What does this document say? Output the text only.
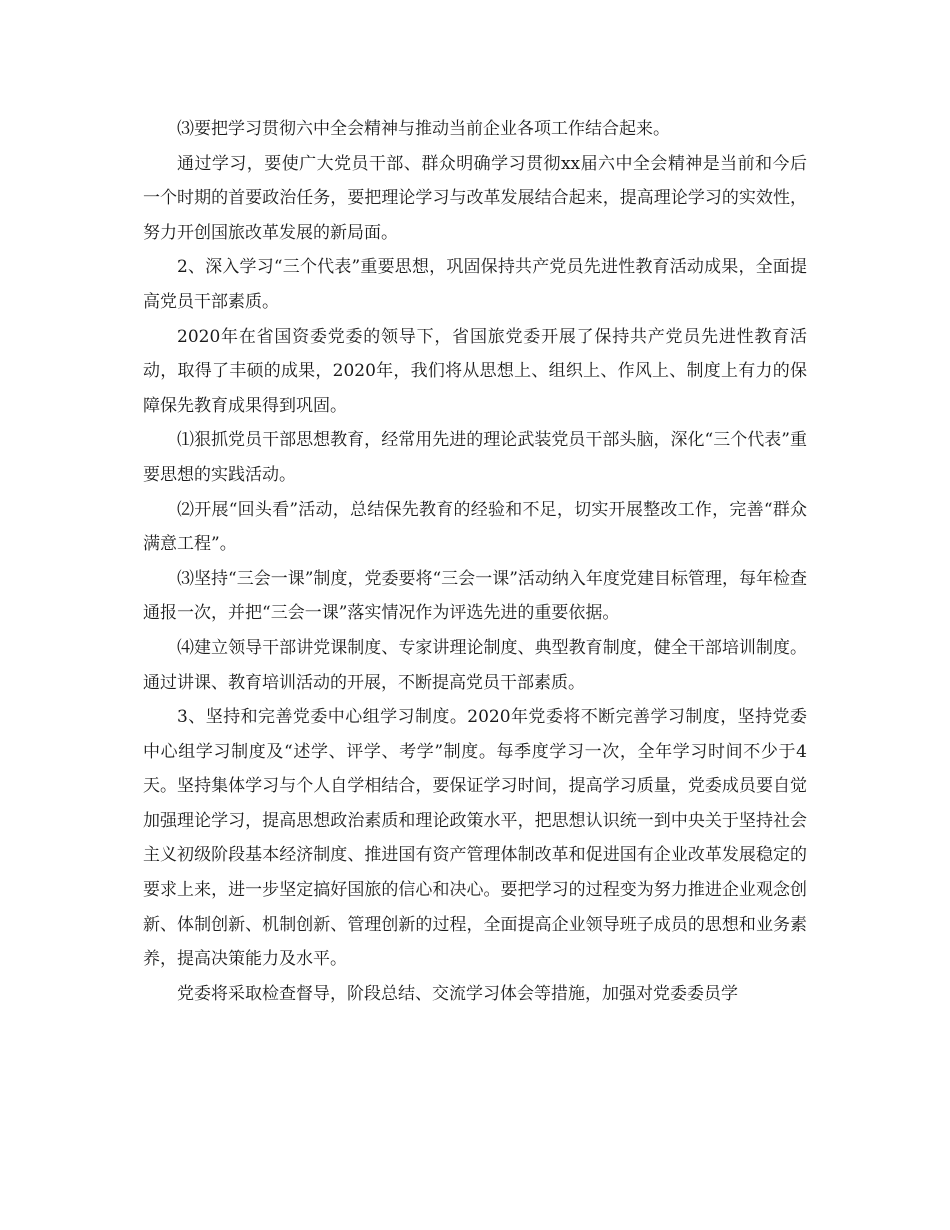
⑶要把学习贯彻六中全会精神与推动当前企业各项工作结合起来。

通过学习，要使广大党员干部、群众明确学习贯彻xx届六中全会精神是当前和今后一个时期的首要政治任务，要把理论学习与改革发展结合起来，提高理论学习的实效性，努力开创国旅改革发展的新局面。

2、深入学习“三个代表”重要思想，巩固保持共产党员先进性教育活动成果，全面提高党员干部素质。

2020年在省国资委党委的领导下，省国旅党委开展了保持共产党员先进性教育活动，取得了丰硕的成果，2020年，我们将从思想上、组织上、作风上、制度上有力的保障保先教育成果得到巩固。

⑴狠抓党员干部思想教育，经常用先进的理论武装党员干部头脑，深化“三个代表”重要思想的实践活动。

⑵开展“回头看”活动，总结保先教育的经验和不足，切实开展整改工作，完善“群众满意工程”。

⑶坚持“三会一课”制度，党委要将“三会一课”活动纳入年度党建目标管理，每年检查通报一次，并把“三会一课”落实情况作为评选先进的重要依据。

⑷建立领导干部讲党课制度、专家讲理论制度、典型教育制度，健全干部培训制度。通过讲课、教育培训活动的开展，不断提高党员干部素质。

3、坚持和完善党委中心组学习制度。2020年党委将不断完善学习制度，坚持党委中心组学习制度及“述学、评学、考学”制度。每季度学习一次，全年学习时间不少于4天。坚持集体学习与个人自学相结合，要保证学习时间，提高学习质量，党委成员要自觉加强理论学习，提高思想政治素质和理论政策水平，把思想认识统一到中央关于坚持社会主义初级阶段基本经济制度、推进国有资产管理体制改革和促进国有企业改革发展稳定的要求上来，进一步坚定搞好国旅的信心和决心。要把学习的过程变为努力推进企业观念创新、体制创新、机制创新、管理创新的过程，全面提高企业领导班子成员的思想和业务素养，提高决策能力及水平。

党委将采取检查督导，阶段总结、交流学习体会等措施，加强对党委委员学
